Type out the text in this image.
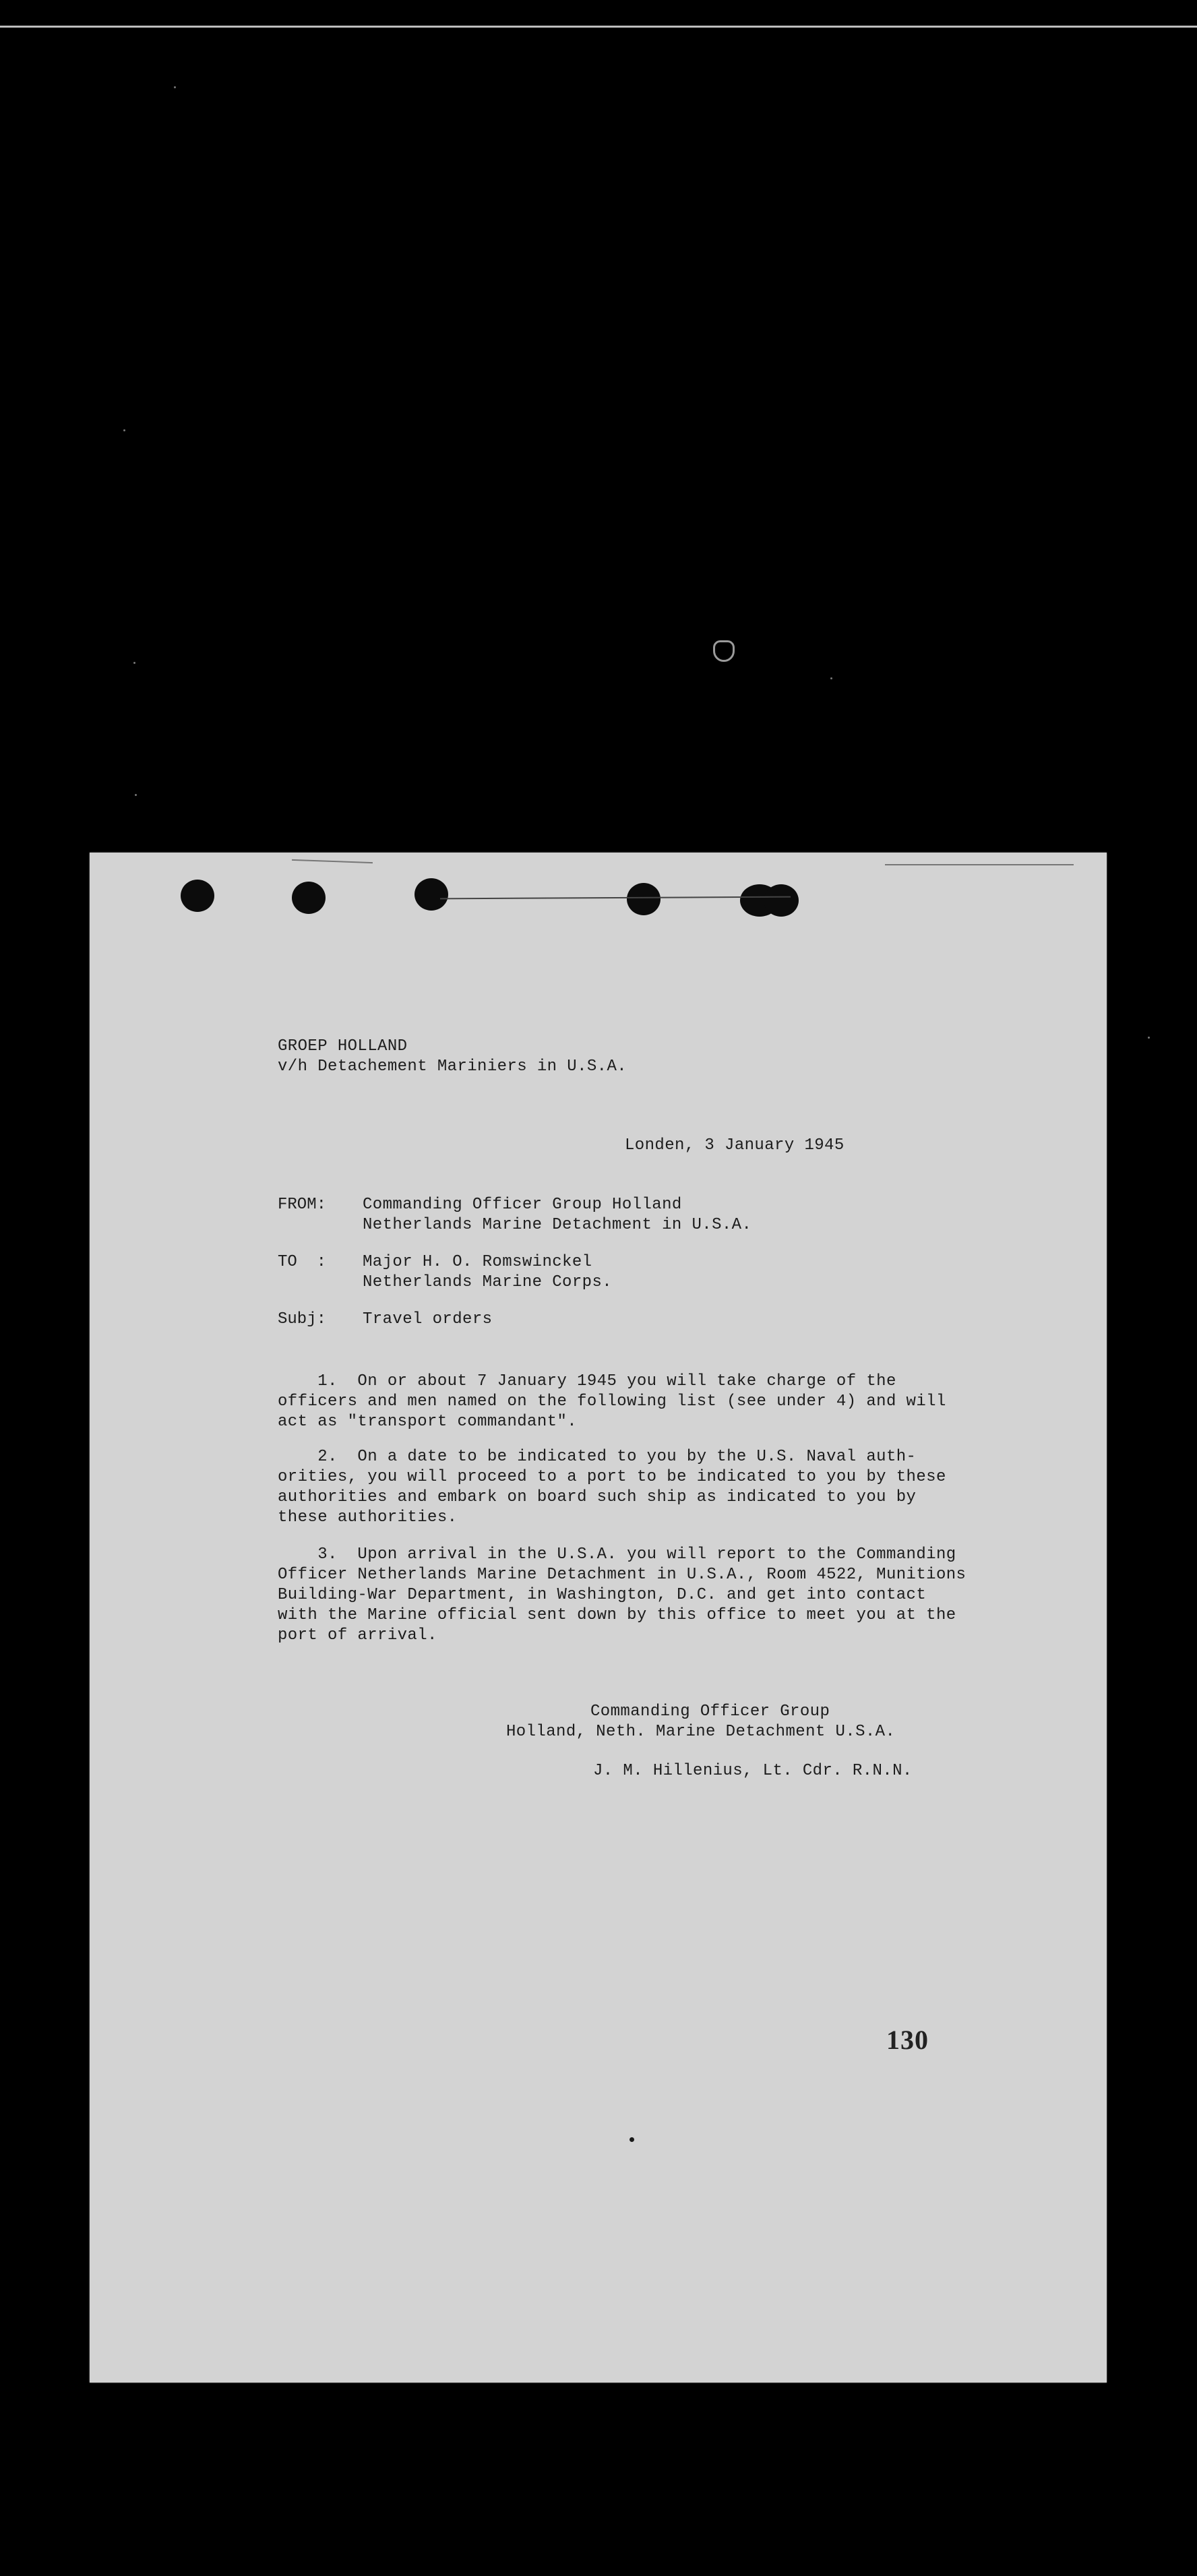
GROEP HOLLAND
v/h Detachement Mariniers in U.S.A.
Londen, 3 January 1945
FROM: Commanding Officer Group Holland
Netherlands Marine Detachment in U.S.A.
TO  : Major H. O. Romswinckel
Netherlands Marine Corps.
Subj: Travel orders
1.  On or about 7 January 1945 you will take charge of the
officers and men named on the following list (see under 4) and will
act as "transport commandant".
2.  On a date to be indicated to you by the U.S. Naval auth-
orities, you will proceed to a port to be indicated to you by these
authorities and embark on board such ship as indicated to you by
these authorities.
3.  Upon arrival in the U.S.A. you will report to the Commanding
Officer Netherlands Marine Detachment in U.S.A., Room 4522, Munitions
Building-War Department, in Washington, D.C. and get into contact
with the Marine official sent down by this office to meet you at the
port of arrival.
Commanding Officer Group
Holland, Neth. Marine Detachment U.S.A.
J. M. Hillenius, Lt. Cdr. R.N.N.
130
